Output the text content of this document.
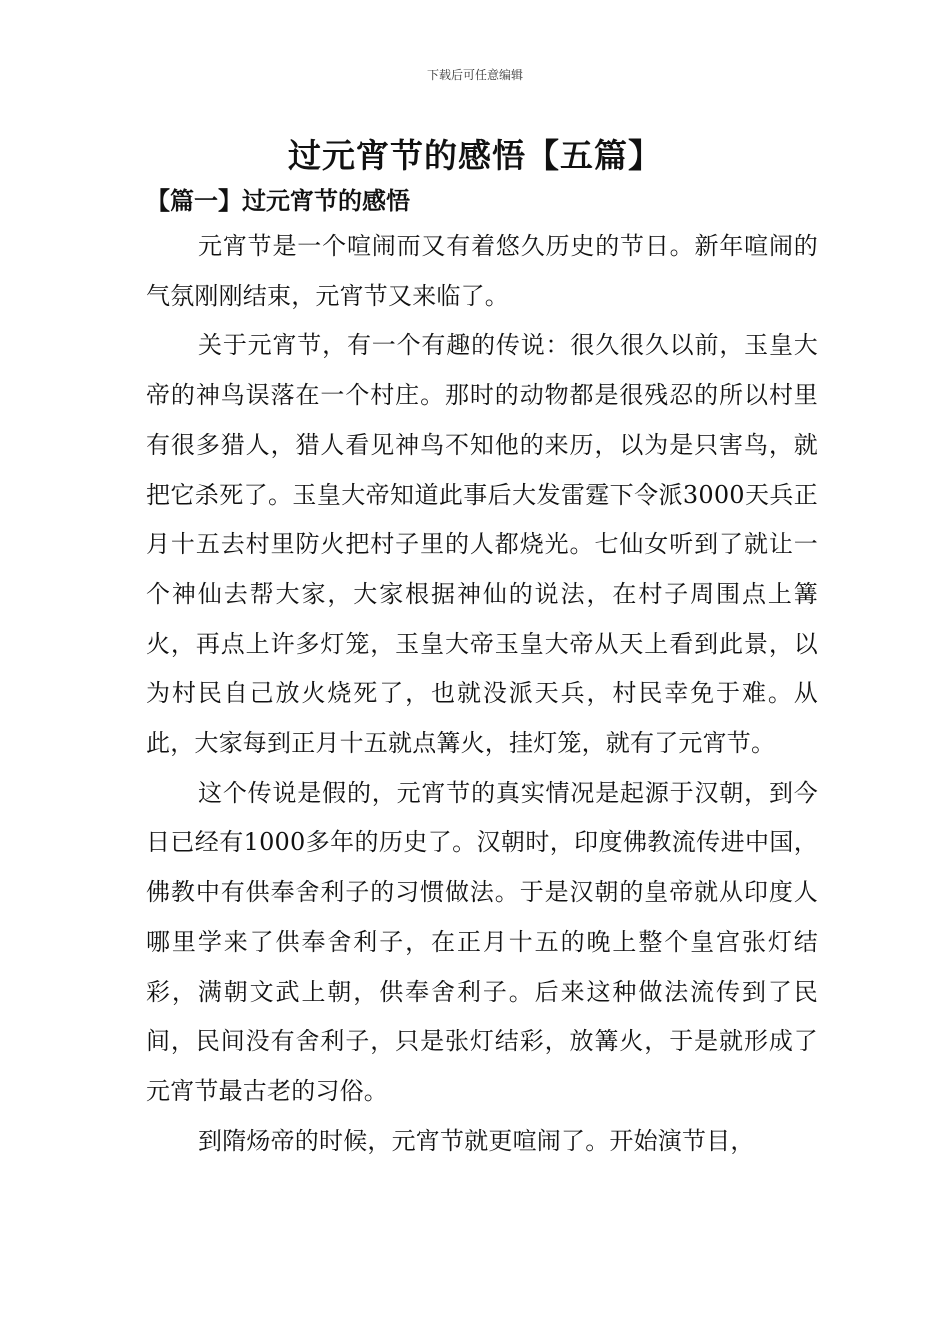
下载后可任意编辑
过元宵节的感悟【五篇】
【篇一】过元宵节的感悟

元宵节是一个喧闹而又有着悠久历史的节日。新年喧闹的气氛刚刚结束，元宵节又来临了。

关于元宵节，有一个有趣的传说：很久很久以前，玉皇大帝的神鸟误落在一个村庄。那时的动物都是很残忍的所以村里有很多猎人，猎人看见神鸟不知他的来历，以为是只害鸟，就把它杀死了。玉皇大帝知道此事后大发雷霆下令派3000天兵正月十五去村里防火把村子里的人都烧光。七仙女听到了就让一个神仙去帮大家，大家根据神仙的说法，在村子周围点上篝火，再点上许多灯笼，玉皇大帝玉皇大帝从天上看到此景，以为村民自己放火烧死了，也就没派天兵，村民幸免于难。从此，大家每到正月十五就点篝火，挂灯笼，就有了元宵节。

这个传说是假的，元宵节的真实情况是起源于汉朝，到今日已经有1000多年的历史了。汉朝时，印度佛教流传进中国，佛教中有供奉舍利子的习惯做法。于是汉朝的皇帝就从印度人哪里学来了供奉舍利子，在正月十五的晚上整个皇宫张灯结彩，满朝文武上朝，供奉舍利子。后来这种做法流传到了民间，民间没有舍利子，只是张灯结彩，放篝火，于是就形成了元宵节最古老的习俗。

到隋炀帝的时候，元宵节就更喧闹了。开始演节目，
